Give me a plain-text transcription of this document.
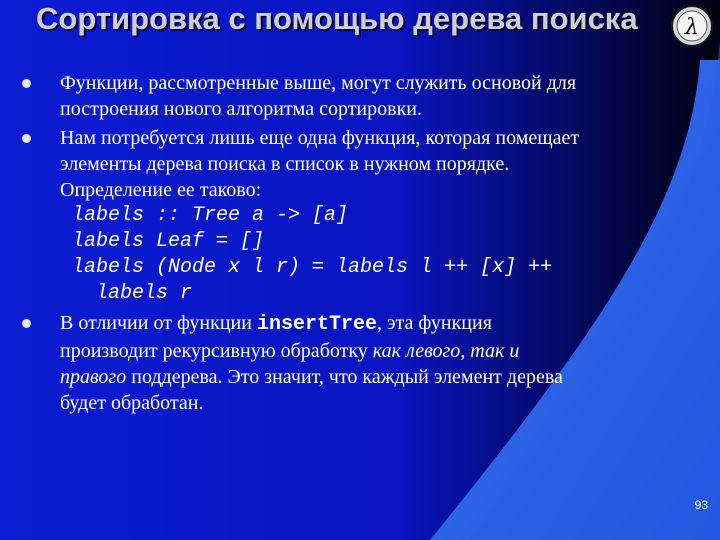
Сортировка с помощью дерева поиска	λ
Функции, рассмотренные выше, могут служить основой для
построения нового алгоритма сортировки.
Нам потребуется лишь еще одна функция, которая помещает
элементы дерева поиска в список в нужном порядке.
Определение ее таково:
labels :: Tree a -> [a]
labels Leaf = []
labels (Node x l r) = labels l ++ [x] ++
labels r
В отличии от функции insertTree, эта функция
производит рекурсивную обработку как левого, так и
правого поддерева. Это значит, что каждый элемент дерева
будет обработан.
93
